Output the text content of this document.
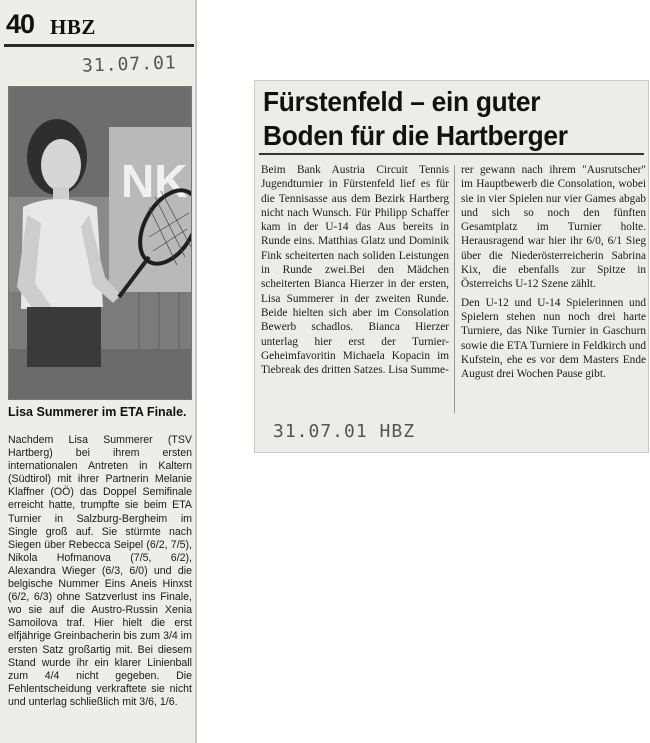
40 HBZ
31.07.01
NK
Lisa Summerer im ETA Finale.
Nachdem Lisa Summerer (TSV Hartberg) bei ihrem ersten internationalen Antreten in Kaltern (Südtirol) mit ihrer Partnerin Melanie Klaffner (OÖ) das Doppel Semifinale erreicht hatte, trumpfte sie beim ETA Turnier in Salzburg-Bergheim im Single groß auf. Sie stürmte nach Siegen über Rebecca Seipel (6/2, 7/5), Nikola Hofmanova (7/5, 6/2), Alexandra Wieger (6/3, 6/0) und die belgische Nummer Eins Aneis Hinxst (6/2, 6/3) ohne Satzverlust ins Finale, wo sie auf die Austro-Russin Xenia Samoilova traf. Hier hielt die erst elfjährige Greinbacherin bis zum 3/4 im ersten Satz großartig mit. Bei diesem Stand wurde ihr ein klarer Linienball zum 4/4 nicht gegeben. Die Fehlentscheidung verkraftete sie nicht und unterlag schließlich mit 3/6, 1/6.
Fürstenfeld – ein guter Boden für die Hartberger

Beim Bank Austria Circuit Tennis Jugendturnier in Fürstenfeld lief es für die Tennisasse aus dem Bezirk Hartberg nicht nach Wunsch. Für Philipp Schaffer kam in der U-14 das Aus bereits in Runde eins. Matthias Glatz und Dominik Fink scheiterten nach soliden Leistungen in Runde zwei.Bei den Mädchen scheiterten Bianca Hierzer in der ersten, Lisa Summerer in der zweiten Runde. Beide hielten sich aber im Consolation Bewerb schadlos. Bianca Hierzer unterlag hier erst der Turnier-Geheimfavoritin Michaela Kopacin im Tiebreak des dritten Satzes. Lisa Summe-

rer gewann nach ihrem "Ausrutscher" im Hauptbewerb die Consolation, wobei sie in vier Spielen nur vier Games abgab und sich so noch den fünften Gesamtplatz im Turnier holte. Herausragend war hier ihr 6/0, 6/1 Sieg über die Niederösterreicherin Sabrina Kix, die ebenfalls zur Spitze in Österreichs U-12 Szene zählt.

Den U-12 und U-14 Spielerinnen und Spielern stehen nun noch drei harte Turniere, das Nike Turnier in Gaschurn sowie die ETA Turniere in Feldkirch und Kufstein, ehe es vor dem Masters Ende August drei Wochen Pause gibt.

31.07.01 HBZ
